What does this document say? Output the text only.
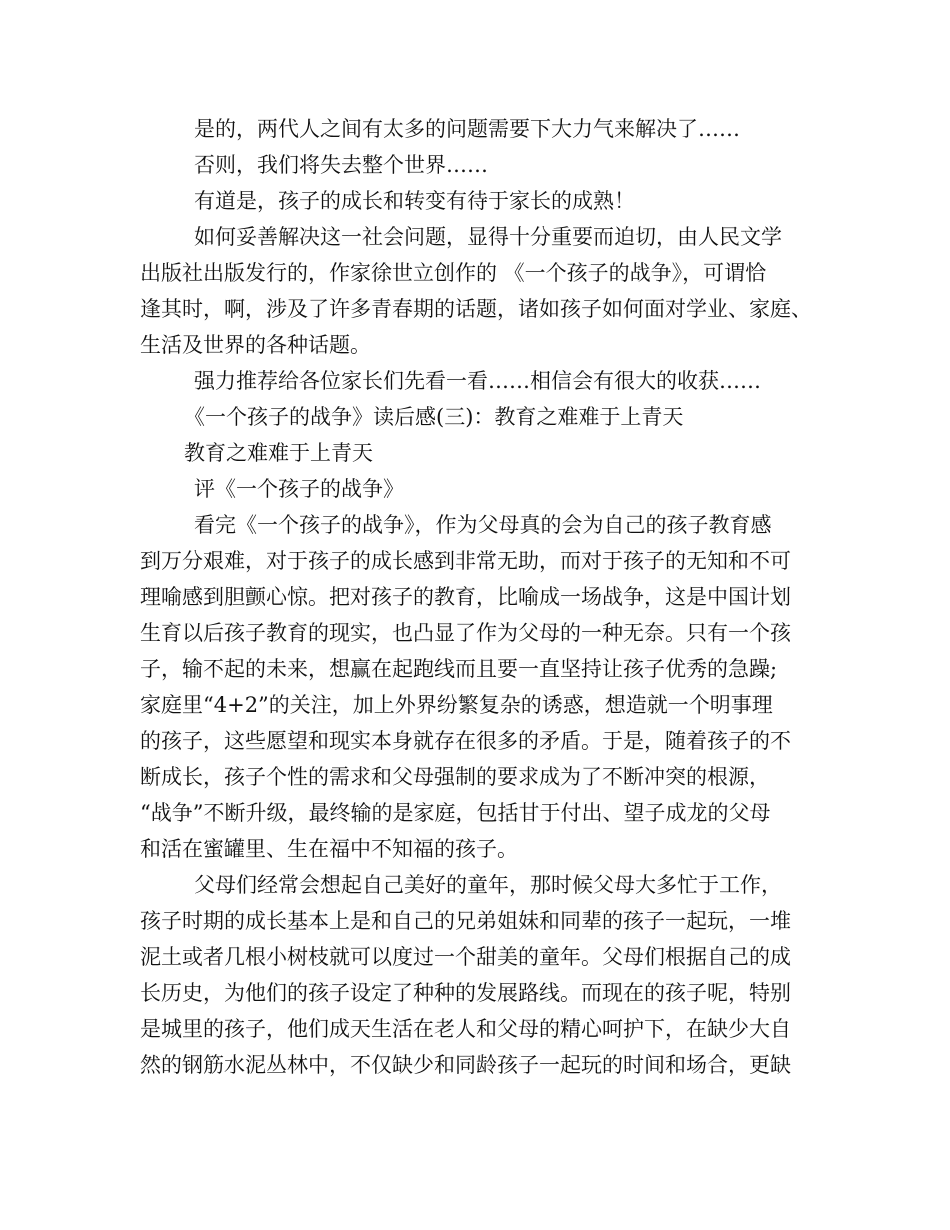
是的，两代人之间有太多的问题需要下大力气来解决了……
否则，我们将失去整个世界……
有道是，孩子的成长和转变有待于家长的成熟！
如何妥善解决这一社会问题，显得十分重要而迫切，由人民文学
出版社出版发行的，作家徐世立创作的 《一个孩子的战争》，可谓恰
逢其时，啊，涉及了许多青春期的话题，诸如孩子如何面对学业、家庭、
生活及世界的各种话题。
强力推荐给各位家长们先看一看……相信会有很大的收获……
《一个孩子的战争》读后感(三)：教育之难难于上青天
教育之难难于上青天
评《一个孩子的战争》
看完《一个孩子的战争》，作为父母真的会为自己的孩子教育感
到万分艰难，对于孩子的成长感到非常无助，而对于孩子的无知和不可
理喻感到胆颤心惊。把对孩子的教育，比喻成一场战争，这是中国计划
生育以后孩子教育的现实，也凸显了作为父母的一种无奈。只有一个孩
子，输不起的未来，想赢在起跑线而且要一直坚持让孩子优秀的急躁;
家庭里“4+2”的关注，加上外界纷繁复杂的诱惑，想造就一个明事理
的孩子，这些愿望和现实本身就存在很多的矛盾。于是，随着孩子的不
断成长，孩子个性的需求和父母强制的要求成为了不断冲突的根源，
“战争”不断升级，最终输的是家庭，包括甘于付出、望子成龙的父母
和活在蜜罐里、生在福中不知福的孩子。
父母们经常会想起自己美好的童年，那时候父母大多忙于工作，
孩子时期的成长基本上是和自己的兄弟姐妹和同辈的孩子一起玩，一堆
泥土或者几根小树枝就可以度过一个甜美的童年。父母们根据自己的成
长历史，为他们的孩子设定了种种的发展路线。而现在的孩子呢，特别
是城里的孩子，他们成天生活在老人和父母的精心呵护下，在缺少大自
然的钢筋水泥丛林中，不仅缺少和同龄孩子一起玩的时间和场合，更缺
